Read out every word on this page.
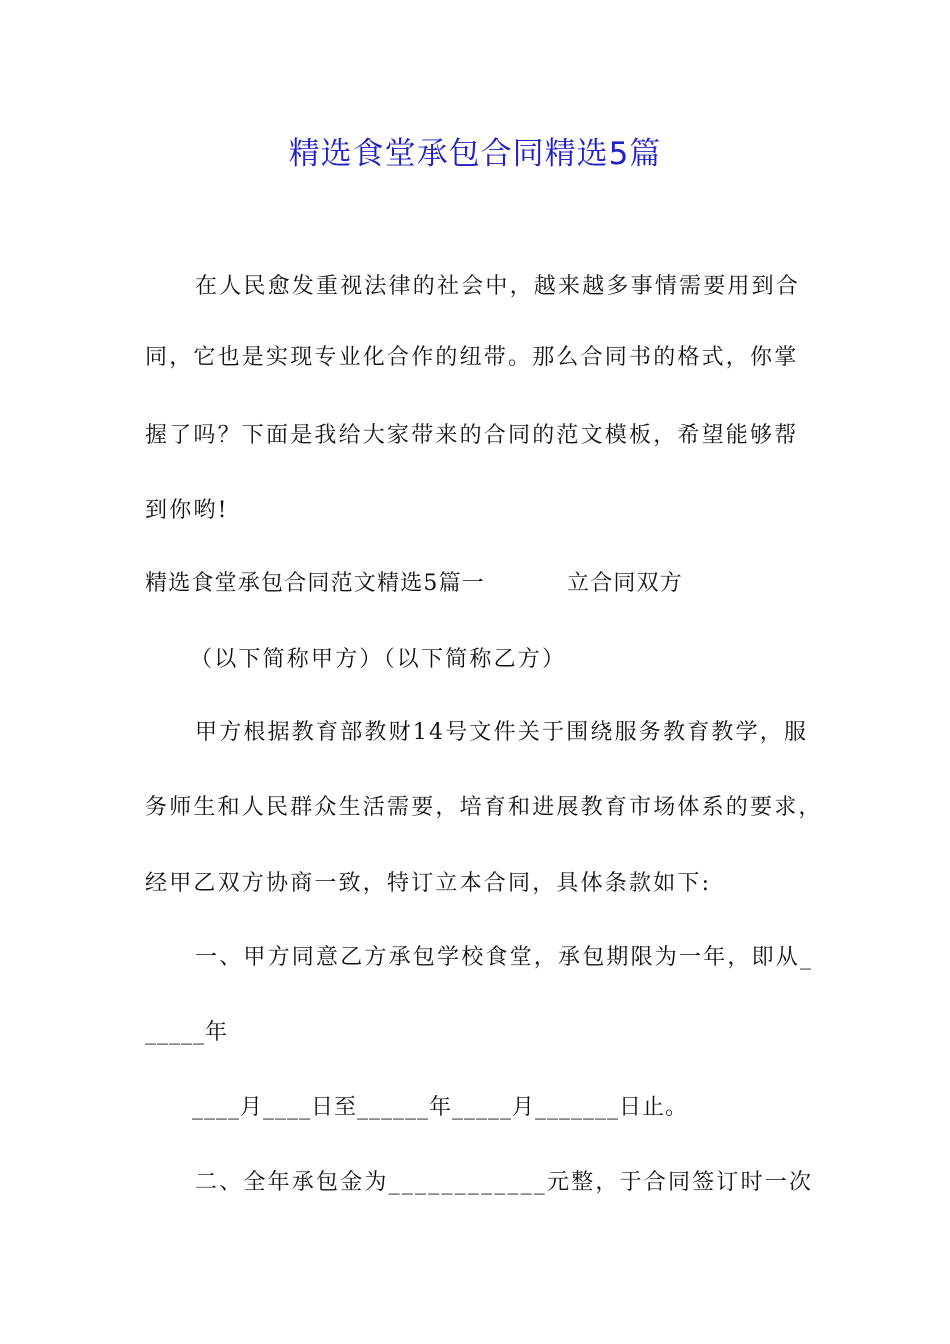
精选食堂承包合同精选5篇
在人民愈发重视法律的社会中，越来越多事情需要用到合
同，它也是实现专业化合作的纽带。那么合同书的格式，你掌
握了吗？下面是我给大家带来的合同的范文模板，希望能够帮
到你哟!
精选食堂承包合同范文精选5篇一	立合同双方
（以下简称甲方）（以下简称乙方）
甲方根据教育部教财14号文件关于围绕服务教育教学，服
务师生和人民群众生活需要，培育和进展教育市场体系的要求，
经甲乙双方协商一致，特订立本合同，具体条款如下:
一、甲方同意乙方承包学校食堂，承包期限为一年，即从_
_____年
____月____日至______年_____月_______日止。
二、全年承包金为____________元整，于合同签订时一次
